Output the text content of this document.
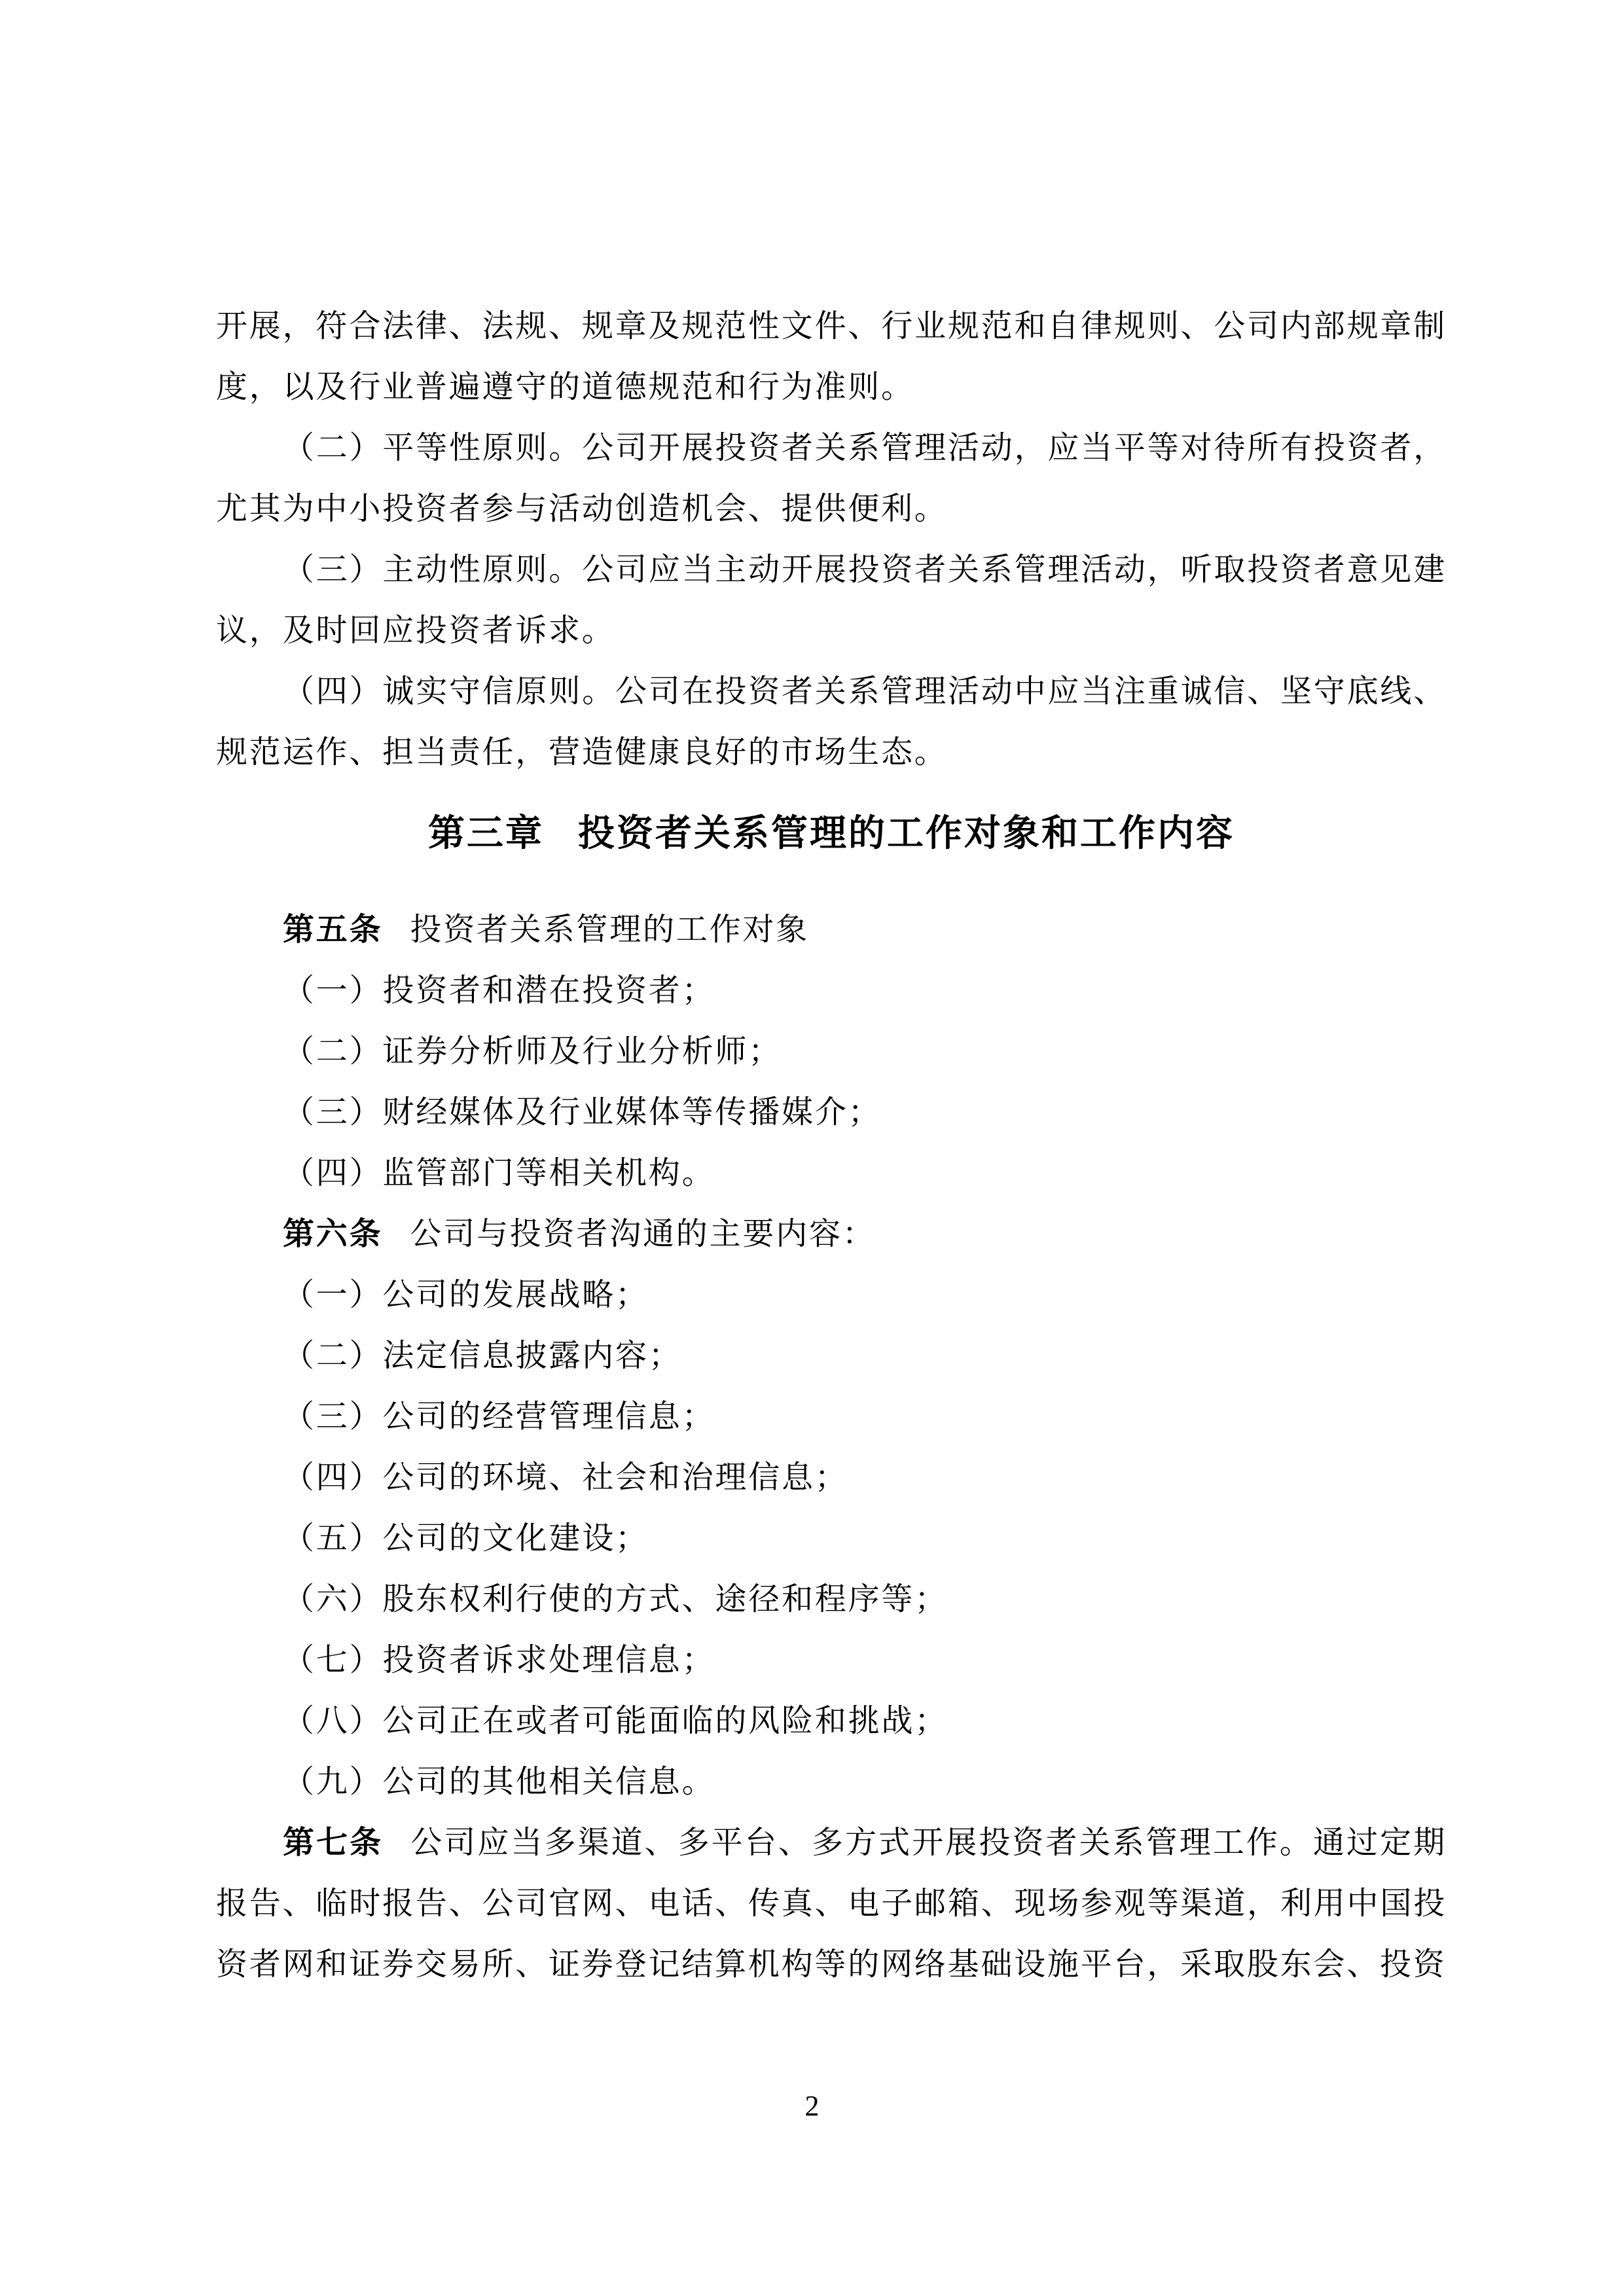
开展，符合法律、法规、规章及规范性文件、行业规范和自律规则、公司内部规章制度，以及行业普遍遵守的道德规范和行为准则。

（二）平等性原则。公司开展投资者关系管理活动，应当平等对待所有投资者，尤其为中小投资者参与活动创造机会、提供便利。

（三）主动性原则。公司应当主动开展投资者关系管理活动，听取投资者意见建议，及时回应投资者诉求。

（四）诚实守信原则。公司在投资者关系管理活动中应当注重诚信、坚守底线、规范运作、担当责任，营造健康良好的市场生态。

第三章 投资者关系管理的工作对象和工作内容

第五条 投资者关系管理的工作对象

（一）投资者和潜在投资者；

（二）证券分析师及行业分析师；

（三）财经媒体及行业媒体等传播媒介；

（四）监管部门等相关机构。

第六条 公司与投资者沟通的主要内容：

（一）公司的发展战略；

（二）法定信息披露内容；

（三）公司的经营管理信息；

（四）公司的环境、社会和治理信息；

（五）公司的文化建设；

（六）股东权利行使的方式、途径和程序等；

（七）投资者诉求处理信息；

（八）公司正在或者可能面临的风险和挑战；

（九）公司的其他相关信息。

第七条 公司应当多渠道、多平台、多方式开展投资者关系管理工作。通过定期报告、临时报告、公司官网、电话、传真、电子邮箱、现场参观等渠道，利用中国投资者网和证券交易所、证券登记结算机构等的网络基础设施平台，采取股东会、投资

2
